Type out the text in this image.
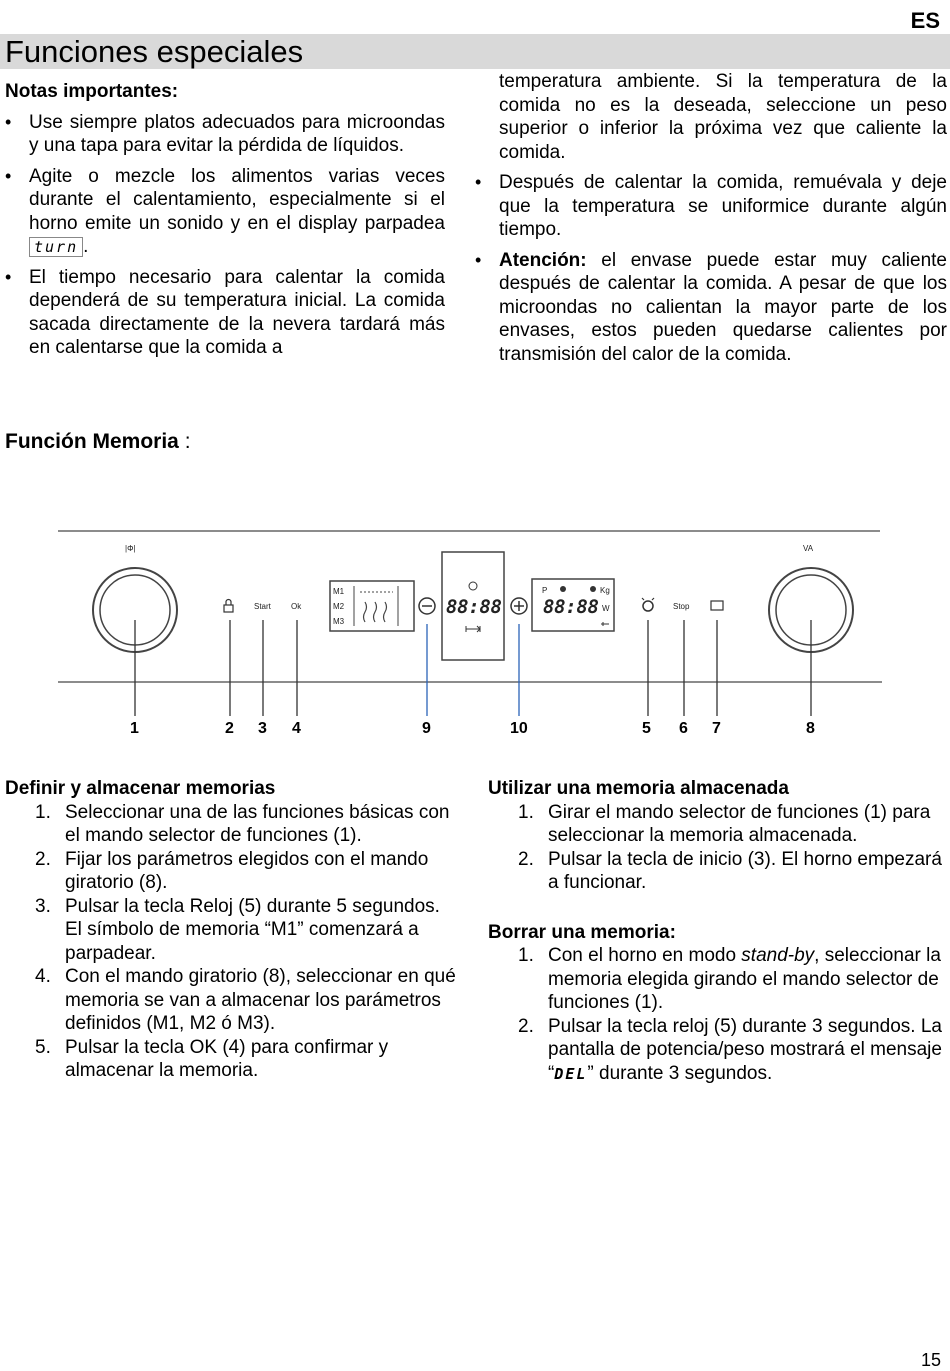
ES
Funciones especiales
Notas importantes:
• Use siempre platos adecuados para microondas y una tapa para evitar la pérdida de líquidos.
• Agite o mezcle los alimentos varias veces durante el calentamiento, especialmente si el horno emite un sonido y en el display parpadea turn .
• El tiempo necesario para calentar la comida dependerá de su temperatura inicial. La comida sacada directamente de la nevera tardará más en calentarse que la comida a
temperatura ambiente. Si la temperatura de la comida no es la deseada, seleccione un peso superior o inferior la próxima vez que caliente la comida.
• Después de calentar la comida, remuévala y deje que la temperatura se uniformice durante algún tiempo.
• Atención: el envase puede estar muy caliente después de calentar la comida. A pesar de que los microondas no calientan la mayor parte de los envases, estos pueden quedarse calientes por transmisión del calor de la comida.
Función Memoria :
|Φ|
Start	Ok
M1
M2
M3
88:88
P	Kg
88:88 W	Stop
VA
1	2 3 4	9	10	5 6 7	8
Definir y almacenar memorias
1. Seleccionar una de las funciones básicas con el mando selector de funciones (1).
2. Fijar los parámetros elegidos con el mando giratorio (8).
3. Pulsar la tecla Reloj (5) durante 5 segundos. El símbolo de memoria “M1” comenzará a parpadear.
4. Con el mando giratorio (8), seleccionar en qué memoria se van a almacenar los parámetros definidos (M1, M2 ó M3).
5. Pulsar la tecla OK (4) para confirmar y almacenar la memoria.
Utilizar una memoria almacenada
1. Girar el mando selector de funciones (1) para seleccionar la memoria almacenada.
2. Pulsar la tecla de inicio (3). El horno empezará a funcionar.
Borrar una memoria:
1. Con el horno en modo stand-by, seleccionar la memoria elegida girando el mando selector de funciones (1).
2. Pulsar la tecla reloj (5) durante 3 segundos. La pantalla de potencia/peso mostrará el mensaje “DEL” durante 3 segundos.
15
